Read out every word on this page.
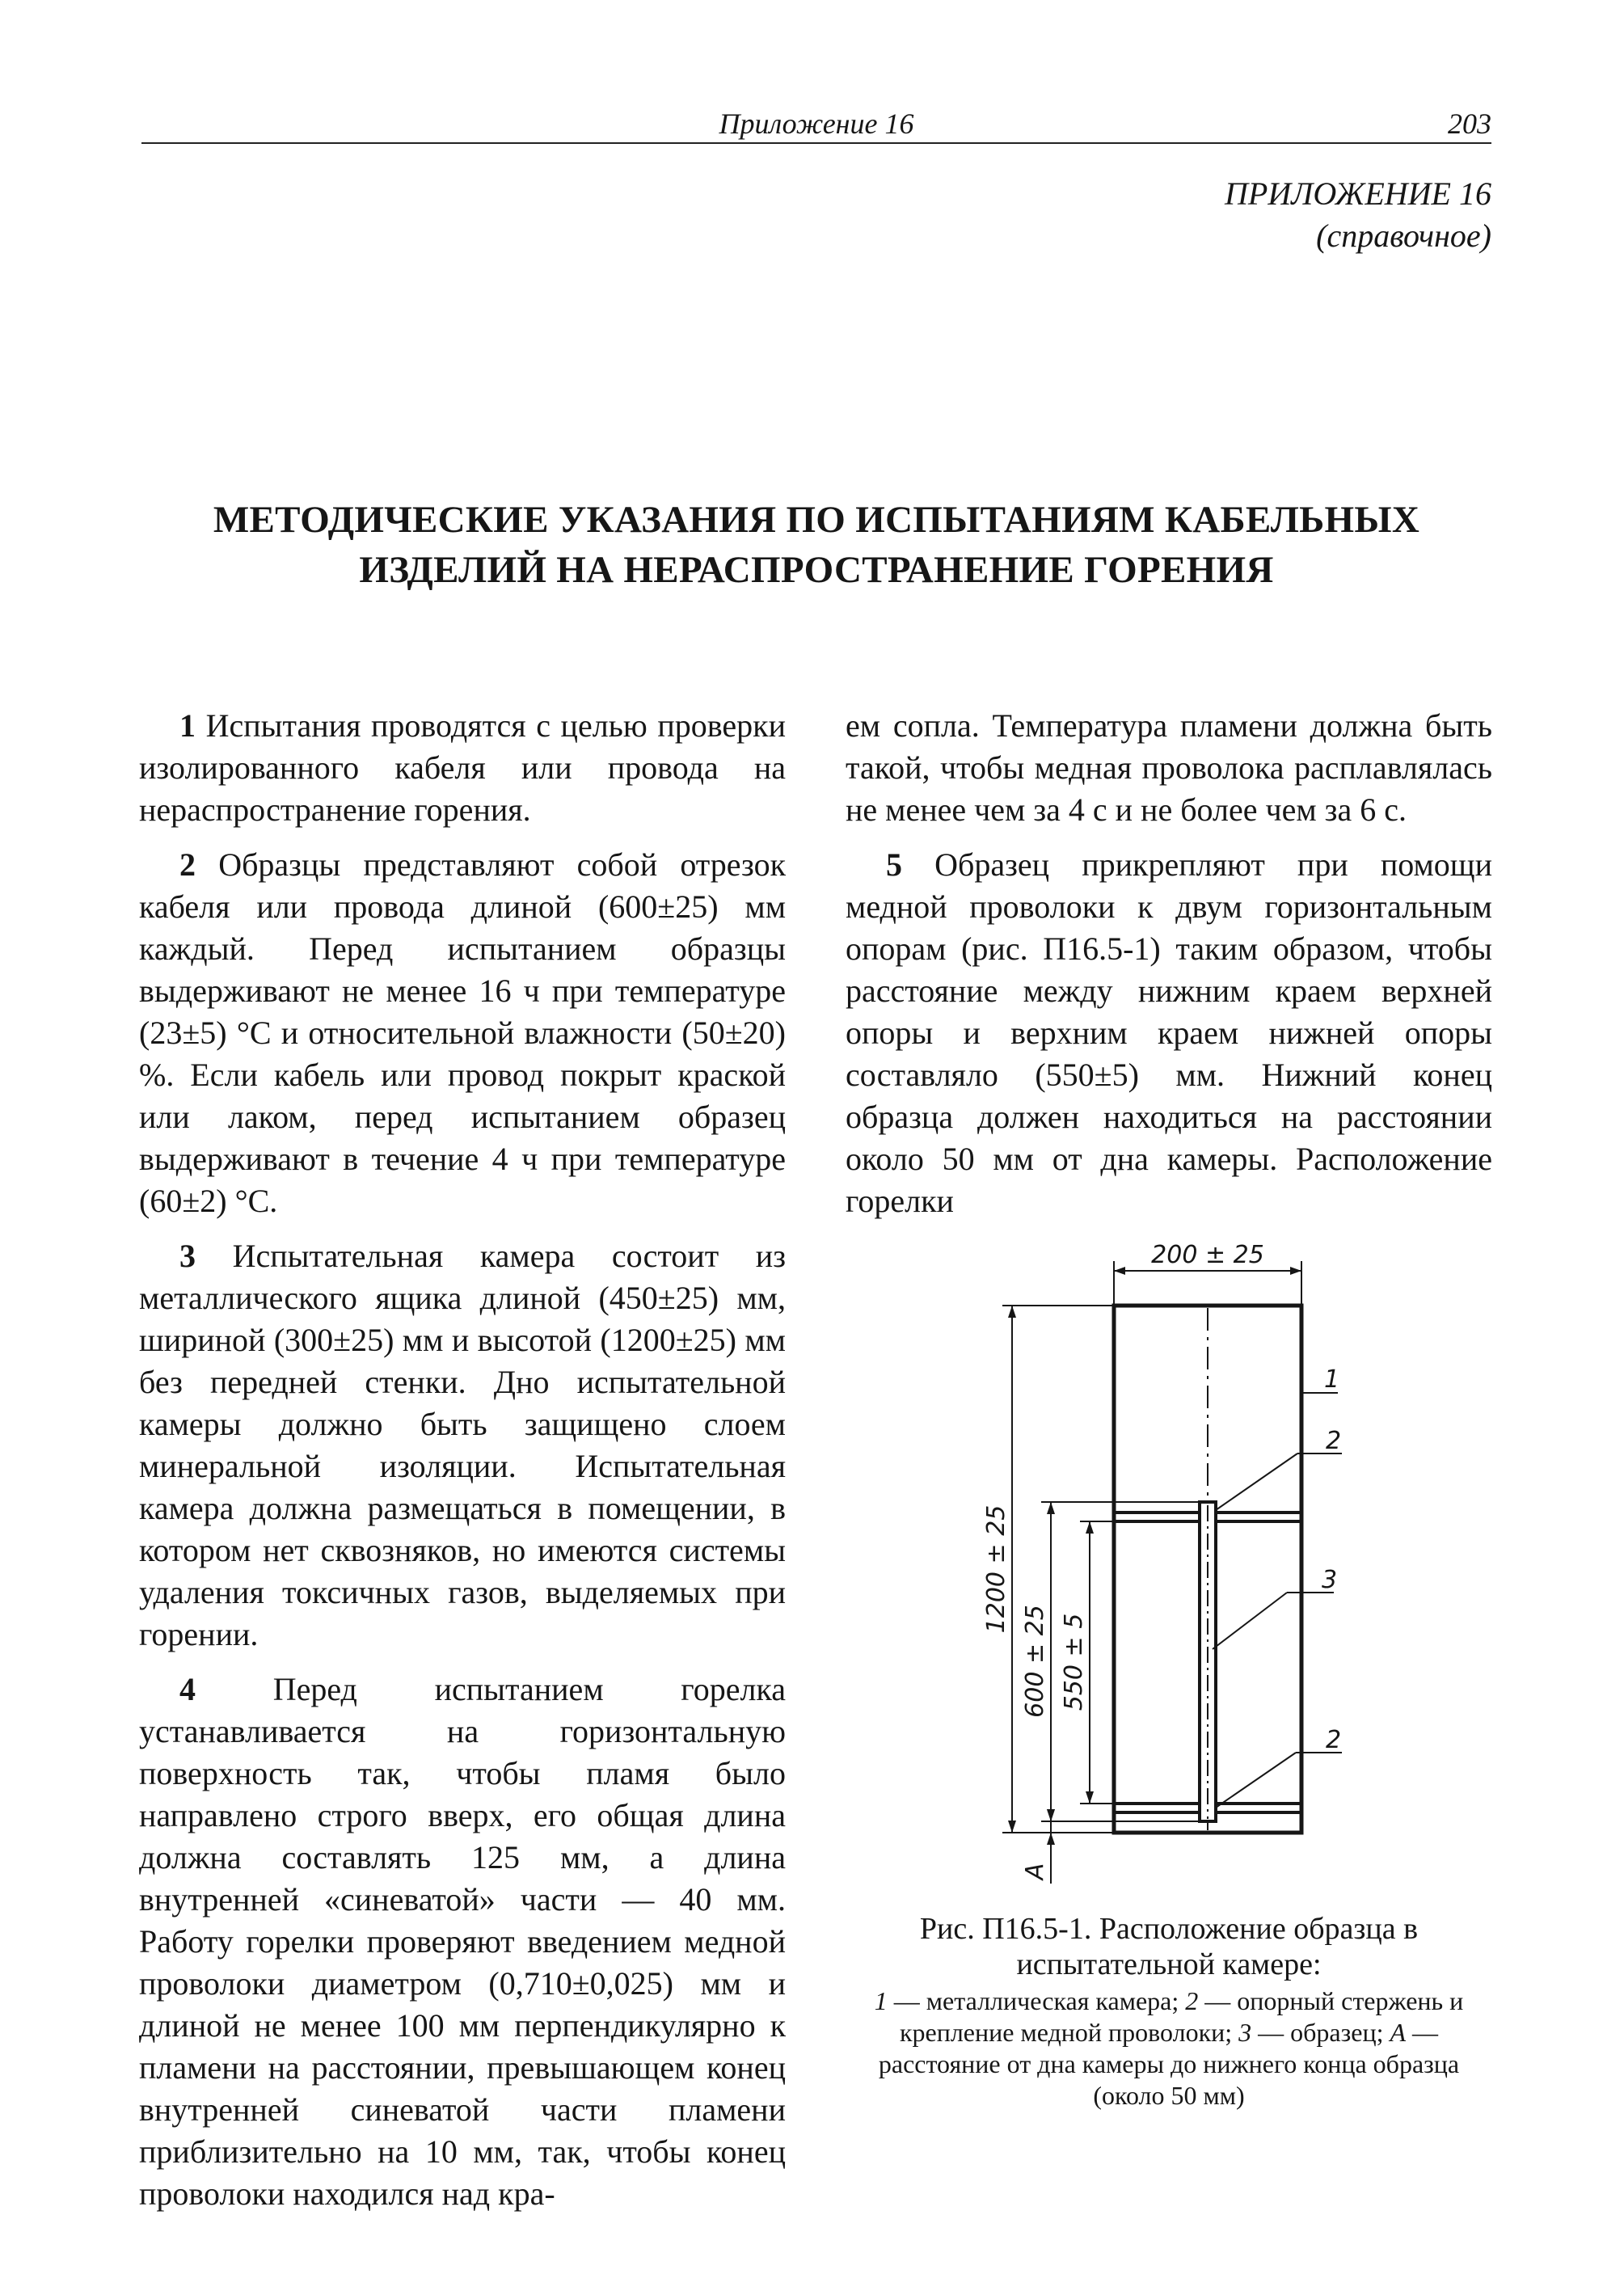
Приложение 16	203
ПРИЛОЖЕНИЕ 16
(справочное)
МЕТОДИЧЕСКИЕ УКАЗАНИЯ ПО ИСПЫТАНИЯМ КАБЕЛЬНЫХ
ИЗДЕЛИЙ НА НЕРАСПРОСТРАНЕНИЕ ГОРЕНИЯ

1 Испытания проводятся с целью проверки изолированного кабеля или провода на нераспространение горения.

2 Образцы представляют собой отрезок кабеля или провода длиной (600±25) мм каждый. Перед испытанием образцы выдерживают не менее 16 ч при температуре (23±5) °С и относительной влажности (50±20) %. Если кабель или провод покрыт краской или лаком, перед испытанием образец выдерживают в течение 4 ч при температуре (60±2) °С.

3 Испытательная камера состоит из металлического ящика длиной (450±25) мм, шириной (300±25) мм и высотой (1200±25) мм без передней стенки. Дно испытательной камеры должно быть защищено слоем минеральной изоляции. Испытательная камера должна размещаться в помещении, в котором нет сквозняков, но имеются системы удаления токсичных газов, выделяемых при горении.

4 Перед испытанием горелка устанавливается на горизонтальную поверхность так, чтобы пламя было направлено строго вверх, его общая длина должна составлять 125 мм, а длина внутренней «синеватой» части — 40 мм. Работу горелки проверяют введением медной проволоки диаметром (0,710±0,025) мм и длиной не менее 100 мм перпендикулярно к пламени на расстоянии, превышающем конец внутренней синеватой части пламени приблизительно на 10 мм, так, чтобы конец проволоки находился над кра-

ем сопла. Температура пламени должна быть такой, чтобы медная проволока расплавлялась не менее чем за 4 с и не более чем за 6 с.

5 Образец прикрепляют при помощи медной проволоки к двум горизонтальным опорам (рис. П16.5-1) таким образом, чтобы расстояние между нижним краем верхней опоры и верхним краем нижней опоры составляло (550±5) мм. Нижний конец образца должен находиться на расстоянии около 50 мм от дна камеры. Расположение горелки

200 ± 25
1200 ± 25
600 ± 25 550 ± 5
A
1
2
3
2
Рис. П16.5-1. Расположение образца в испытательной камере:
1 — металлическая камера; 2 — опорный стержень и крепление медной проволоки; 3 — образец; A — расстояние от дна камеры до нижнего конца образца (около 50 мм)
